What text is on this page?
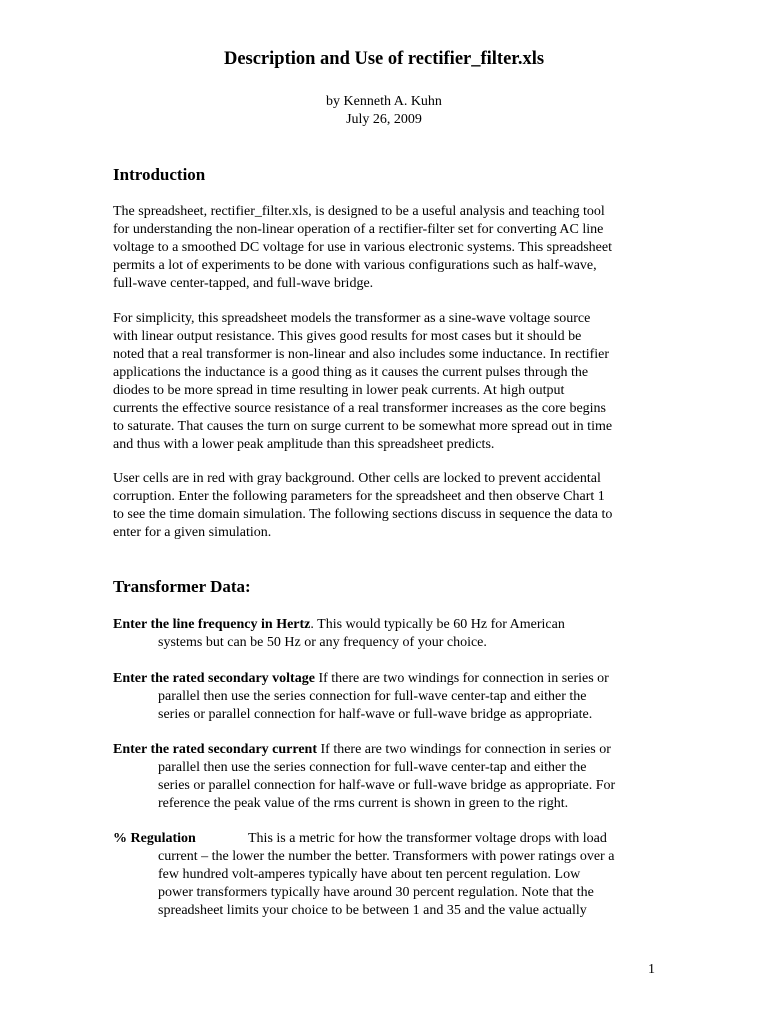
Description and Use of rectifier_filter.xls
by Kenneth A. Kuhn
July 26, 2009
Introduction

The spreadsheet, rectifier_filter.xls, is designed to be a useful analysis and teaching tool
for understanding the non-linear operation of a rectifier-filter set for converting AC line
voltage to a smoothed DC voltage for use in various electronic systems. This spreadsheet
permits a lot of experiments to be done with various configurations such as half-wave,
full-wave center-tapped, and full-wave bridge.

For simplicity, this spreadsheet models the transformer as a sine-wave voltage source
with linear output resistance. This gives good results for most cases but it should be
noted that a real transformer is non-linear and also includes some inductance. In rectifier
applications the inductance is a good thing as it causes the current pulses through the
diodes to be more spread in time resulting in lower peak currents. At high output
currents the effective source resistance of a real transformer increases as the core begins
to saturate. That causes the turn on surge current to be somewhat more spread out in time
and thus with a lower peak amplitude than this spreadsheet predicts.

User cells are in red with gray background. Other cells are locked to prevent accidental
corruption. Enter the following parameters for the spreadsheet and then observe Chart 1
to see the time domain simulation. The following sections discuss in sequence the data to
enter for a given simulation.

Transformer Data:

Enter the line frequency in Hertz. This would typically be 60 Hz for American
systems but can be 50 Hz or any frequency of your choice.

Enter the rated secondary voltage If there are two windings for connection in series or
parallel then use the series connection for full-wave center-tap and either the
series or parallel connection for half-wave or full-wave bridge as appropriate.

Enter the rated secondary current If there are two windings for connection in series or
parallel then use the series connection for full-wave center-tap and either the
series or parallel connection for half-wave or full-wave bridge as appropriate. For
reference the peak value of the rms current is shown in green to the right.

% Regulation	This is a metric for how the transformer voltage drops with load
current – the lower the number the better. Transformers with power ratings over a
few hundred volt-amperes typically have about ten percent regulation. Low
power transformers typically have around 30 percent regulation. Note that the
spreadsheet limits your choice to be between 1 and 35 and the value actually

1
